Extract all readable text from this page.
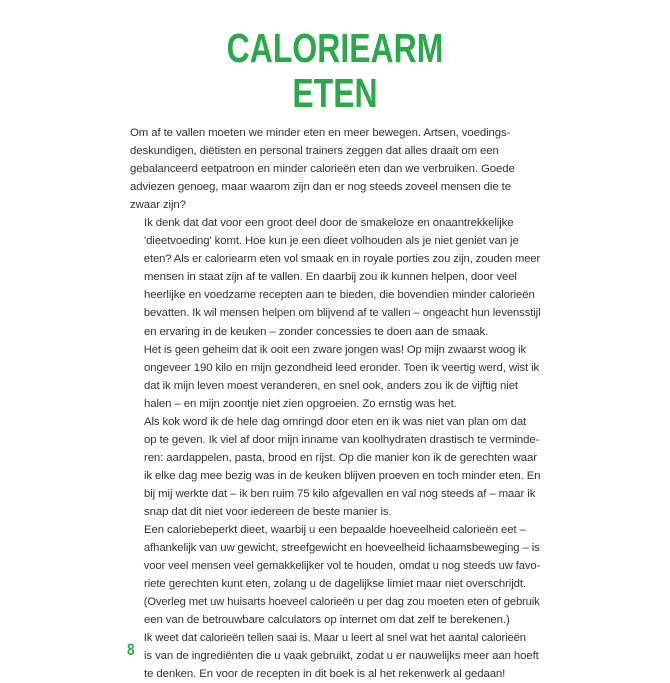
CALORIEARM
ETEN

Om af te vallen moeten we minder eten en meer bewegen. Artsen, voedings-
deskundigen, diëtisten en personal trainers zeggen dat alles draait om een
gebalanceerd eetpatroon en minder calorieën eten dan we verbruiken. Goede
adviezen genoeg, maar waarom zijn dan er nog steeds zoveel mensen die te
zwaar zijn?

Ik denk dat dat voor een groot deel door de smakeloze en onaantrekkelijke
'dieetvoeding' komt. Hoe kun je een dieet volhouden als je niet geniet van je
eten? Als er caloriearm eten vol smaak en in royale porties zou zijn, zouden meer
mensen in staat zijn af te vallen. En daarbij zou ik kunnen helpen, door veel
heerlijke en voedzame recepten aan te bieden, die bovendien minder calorieën
bevatten. Ik wil mensen helpen om blijvend af te vallen – ongeacht hun levensstijl
en ervaring in de keuken – zonder concessies te doen aan de smaak.

Het is geen geheim dat ik ooit een zware jongen was! Op mijn zwaarst woog ik
ongeveer 190 kilo en mijn gezondheid leed eronder. Toen ik veertig werd, wist ik
dat ik mijn leven moest veranderen, en snel ook, anders zou ik de vijftig niet
halen – en mijn zoontje niet zien opgroeien. Zo ernstig was het.

Als kok word ik de hele dag omringd door eten en ik was niet van plan om dat
op te geven. Ik viel af door mijn inname van koolhydraten drastisch te verminde-
ren: aardappelen, pasta, brood en rijst. Op die manier kon ik de gerechten waar
ik elke dag mee bezig was in de keuken blijven proeven en toch minder eten. En
bij mij werkte dat – ik ben ruim 75 kilo afgevallen en val nog steeds af – maar ik
snap dat dit niet voor iedereen de beste manier is.

Een caloriebeperkt dieet, waarbij u een bepaalde hoeveelheid calorieën eet –
afhankelijk van uw gewicht, streefgewicht en hoeveelheid lichaamsbeweging – is
voor veel mensen veel gemakkelijker vol te houden, omdat u nog steeds uw favo-
riete gerechten kunt eten, zolang u de dagelijkse limiet maar niet overschrijdt.
(Overleg met uw huisarts hoeveel calorieën u per dag zou moeten eten of gebruik
een van de betrouwbare calculators op internet om dat zelf te berekenen.)

Ik weet dat calorieën tellen saai is. Maar u leert al snel wat het aantal calorieën
is van de ingrediënten die u vaak gebruikt, zodat u er nauwelijks meer aan hoeft
te denken. En voor de recepten in dit boek is al het rekenwerk al gedaan!

8
